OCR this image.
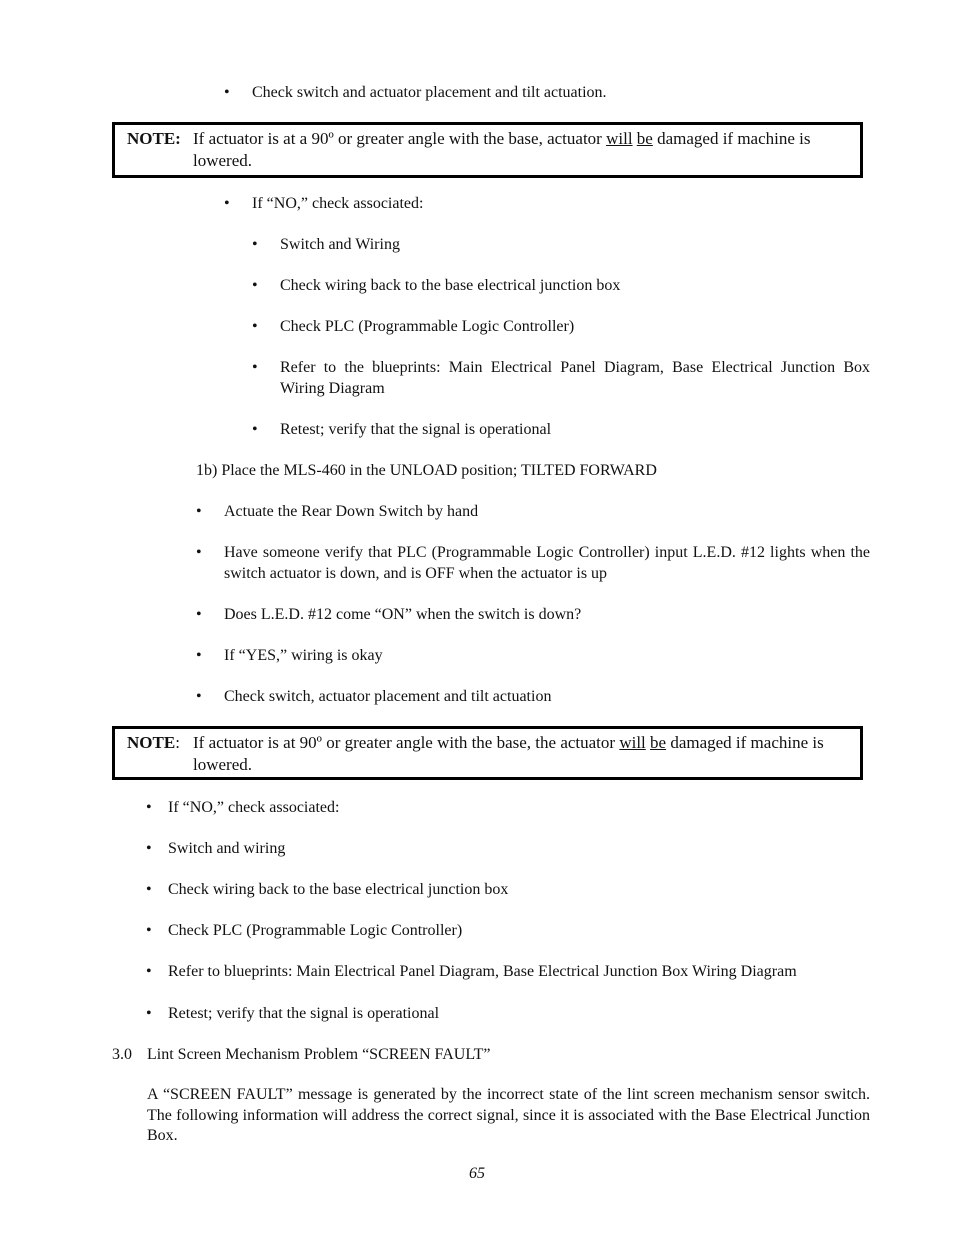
• Check switch and actuator placement and tilt actuation.
NOTE: If actuator is at a 90º or greater angle with the base, actuator will be damaged if machine is
lowered.
• If “NO,” check associated:
• Switch and Wiring
• Check wiring back to the base electrical junction box
• Check PLC (Programmable Logic Controller)
• Refer to the blueprints: Main Electrical Panel Diagram, Base Electrical Junction Box Wiring Diagram
• Retest; verify that the signal is operational
1b) Place the MLS-460 in the UNLOAD position; TILTED FORWARD
• Actuate the Rear Down Switch by hand
• Have someone verify that PLC (Programmable Logic Controller) input L.E.D. #12 lights when the switch actuator is down, and is OFF when the actuator is up
• Does L.E.D. #12 come “ON” when the switch is down?
• If “YES,” wiring is okay
• Check switch, actuator placement and tilt actuation
NOTE: If actuator is at 90º or greater angle with the base, the actuator will be damaged if machine is
lowered.
• If “NO,” check associated:
• Switch and wiring
• Check wiring back to the base electrical junction box
• Check PLC (Programmable Logic Controller)
• Refer to blueprints: Main Electrical Panel Diagram, Base Electrical Junction Box Wiring Diagram
• Retest; verify that the signal is operational
3.0 Lint Screen Mechanism Problem “SCREEN FAULT”
A “SCREEN FAULT” message is generated by the incorrect state of the lint screen mechanism sensor switch. The following information will address the correct signal, since it is associated with the Base Electrical Junction Box.
65
